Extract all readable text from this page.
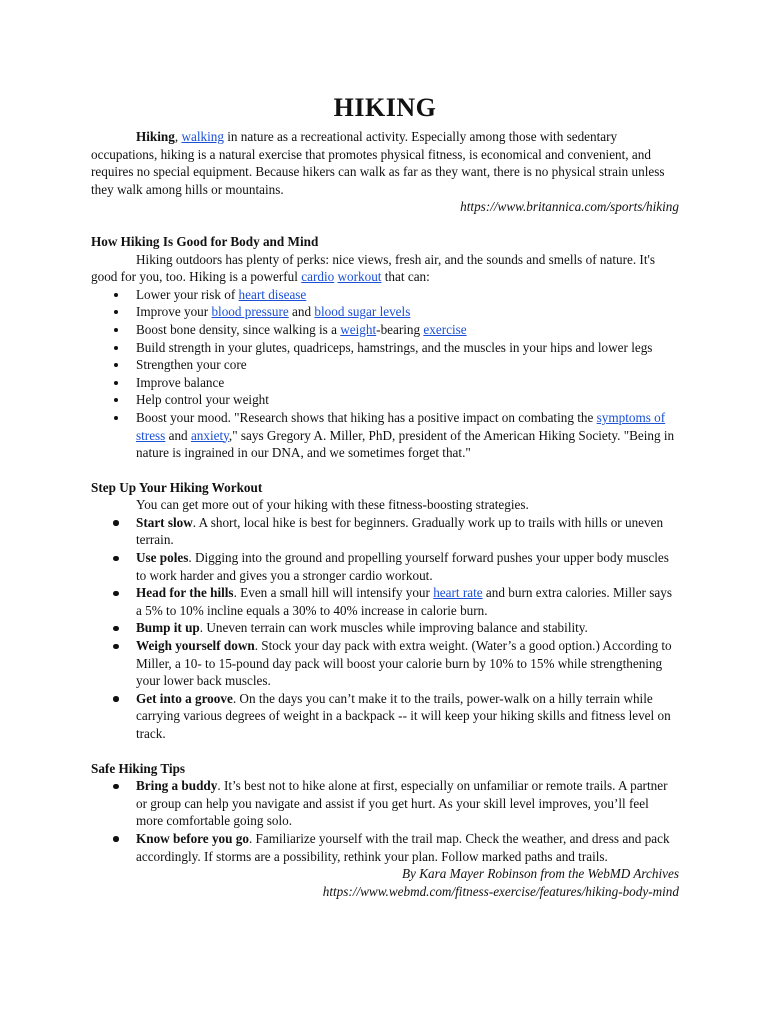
HIKING

Hiking, walking in nature as a recreational activity. Especially among those with sedentary occupations, hiking is a natural exercise that promotes physical fitness, is economical and convenient, and requires no special equipment. Because hikers can walk as far as they want, there is no physical strain unless they walk among hills or mountains.

https://www.britannica.com/sports/hiking

How Hiking Is Good for Body and Mind

Hiking outdoors has plenty of perks: nice views, fresh air, and the sounds and smells of nature. It's good for you, too. Hiking is a powerful cardio workout that can:

Lower your risk of heart disease
Improve your blood pressure and blood sugar levels
Boost bone density, since walking is a weight-bearing exercise
Build strength in your glutes, quadriceps, hamstrings, and the muscles in your hips and lower legs
Strengthen your core
Improve balance
Help control your weight
Boost your mood. "Research shows that hiking has a positive impact on combating the symptoms of stress and anxiety," says Gregory A. Miller, PhD, president of the American Hiking Society. "Being in nature is ingrained in our DNA, and we sometimes forget that."
Step Up Your Hiking Workout

You can get more out of your hiking with these fitness-boosting strategies.

Start slow. A short, local hike is best for beginners. Gradually work up to trails with hills or uneven terrain.
Use poles. Digging into the ground and propelling yourself forward pushes your upper body muscles to work harder and gives you a stronger cardio workout.
Head for the hills. Even a small hill will intensify your heart rate and burn extra calories. Miller says a 5% to 10% incline equals a 30% to 40% increase in calorie burn.
Bump it up. Uneven terrain can work muscles while improving balance and stability.
Weigh yourself down. Stock your day pack with extra weight. (Water’s a good option.) According to Miller, a 10- to 15-pound day pack will boost your calorie burn by 10% to 15% while strengthening your lower back muscles.
Get into a groove. On the days you can’t make it to the trails, power-walk on a hilly terrain while carrying various degrees of weight in a backpack -- it will keep your hiking skills and fitness level on track.
Safe Hiking Tips
Bring a buddy. It’s best not to hike alone at first, especially on unfamiliar or remote trails. A partner or group can help you navigate and assist if you get hurt. As your skill level improves, you’ll feel more comfortable going solo.
Know before you go. Familiarize yourself with the trail map. Check the weather, and dress and pack accordingly. If storms are a possibility, rethink your plan. Follow marked paths and trails.

By Kara Mayer Robinson from the WebMD Archives

https://www.webmd.com/fitness-exercise/features/hiking-body-mind
